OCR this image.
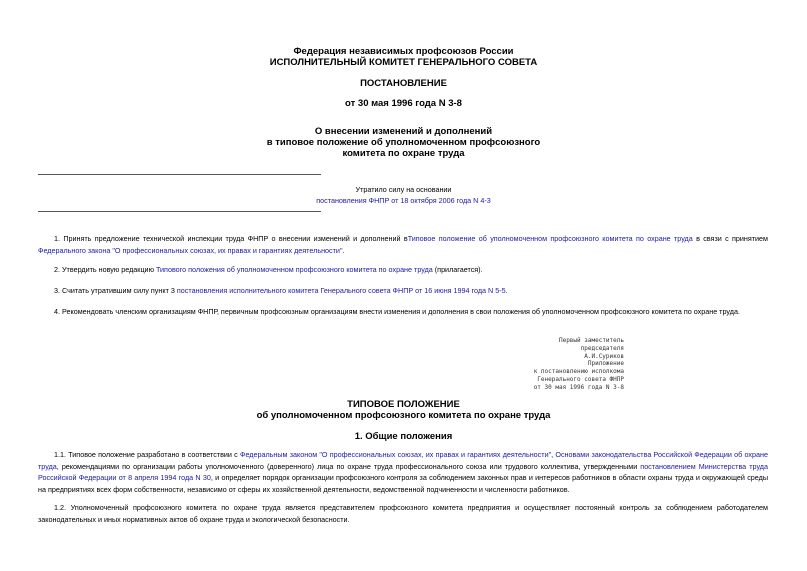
Федерация независимых профсоюзов России
ИСПОЛНИТЕЛЬНЫЙ КОМИТЕТ ГЕНЕРАЛЬНОГО СОВЕТА
ПОСТАНОВЛЕНИЕ
от 30 мая 1996 года N 3-8
О внесении изменений и дополнений
в типовое положение об уполномоченном профсоюзного
комитета по охране труда
Утратило силу на основании
постановления ФНПР от 18 октября 2006 года N 4-3
1. Принять предложение технической инспекции труда ФНПР о внесении изменений и дополнений вТиповое положение об уполномоченном профсоюзного комитета по охране труда в связи с принятием Федерального закона "О профессиональных союзах, их правах и гарантиях деятельности".
2. Утвердить новую редакцию Типового положения об уполномоченном профсоюзного комитета по охране труда (прилагается).
3. Считать утратившим силу пункт 3 постановления исполнительного комитета Генерального совета ФНПР от 16 июня 1994 года N 5-5.
4. Рекомендовать членским организациям ФНПР, первичным профсоюзным организациям внести изменения и дополнения в свои положения об уполномоченном профсоюзного комитета по охране труда.
Первый заместитель
председателя
А.И.Суриков
Приложение
к постановлению исполкома
Генерального совета ФНПР
от 30 мая 1996 года N 3-8
ТИПОВОЕ ПОЛОЖЕНИЕ
об уполномоченном профсоюзного комитета по охране труда
1. Общие положения
1.1. Типовое положение разработано в соответствии с Федеральным законом "О профессиональных союзах, их правах и гарантиях деятельности", Основами законодательства Российской Федерации об охране труда, рекомендациями по организации работы уполномоченного (доверенного) лица по охране труда профессионального союза или трудового коллектива, утвержденными постановлением Министерства труда Российской Федерации от 8 апреля 1994 года N 30, и определяет порядок организации профсоюзного контроля за соблюдением законных прав и интересов работников в области охраны труда и окружающей среды на предприятиях всех форм собственности, независимо от сферы их хозяйственной деятельности, ведомственной подчиненности и численности работников.
1.2. Уполномоченный профсоюзного комитета по охране труда является представителем профсоюзного комитета предприятия и осуществляет постоянный контроль за соблюдением работодателем законодательных и иных нормативных актов об охране труда и экологической безопасности.
